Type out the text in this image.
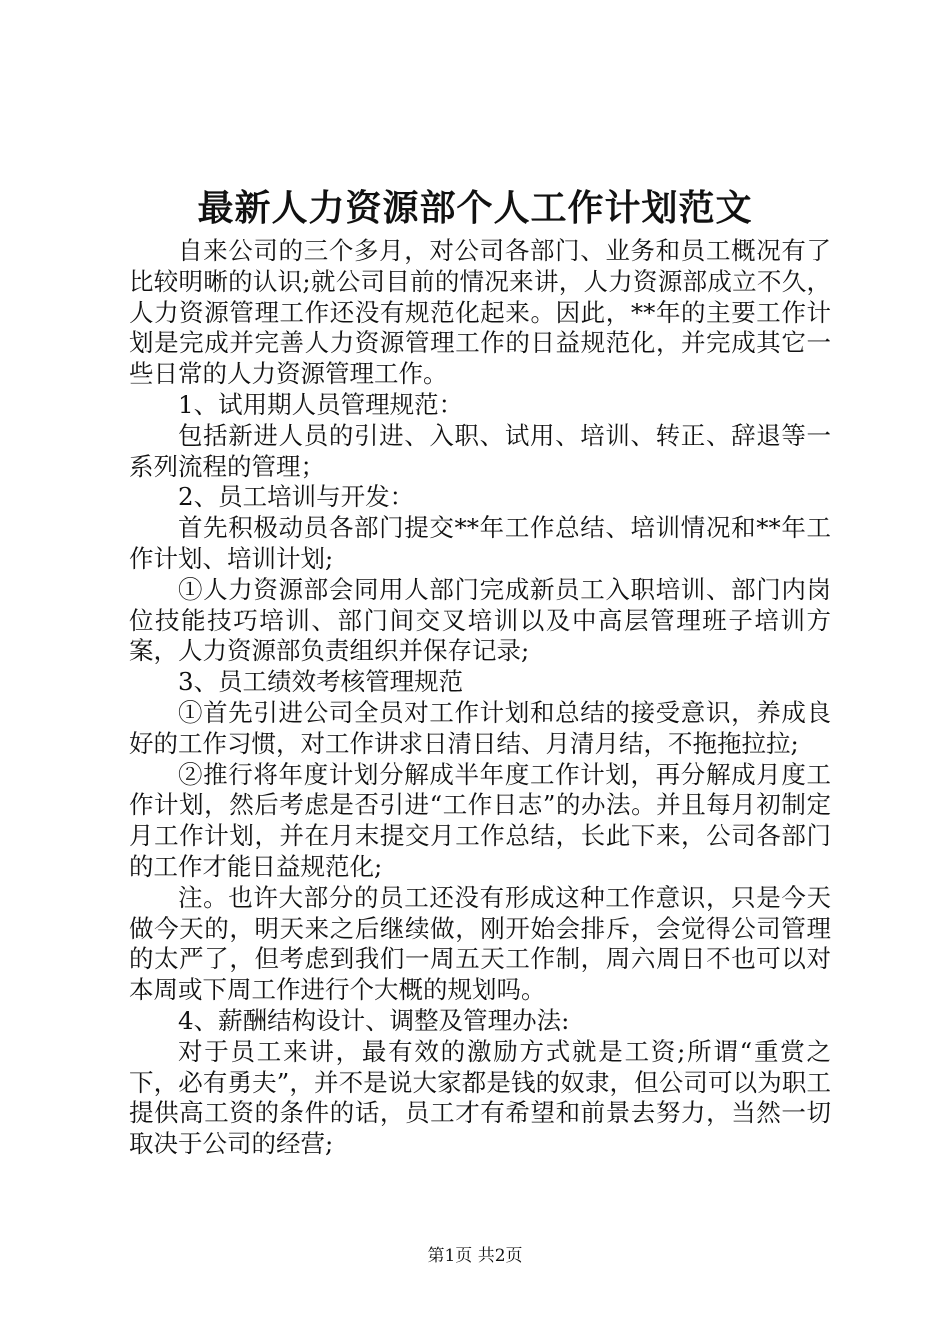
最新人力资源部个人工作计划范文

自来公司的三个多月，对公司各部门、业务和员工概况有了比较明晰的认识;就公司目前的情况来讲，人力资源部成立不久，人力资源管理工作还没有规范化起来。因此，**年的主要工作计划是完成并完善人力资源管理工作的日益规范化，并完成其它一些日常的人力资源管理工作。

1、试用期人员管理规范：

包括新进人员的引进、入职、试用、培训、转正、辞退等一系列流程的管理；

2、员工培训与开发：

首先积极动员各部门提交**年工作总结、培训情况和**年工作计划、培训计划;

①人力资源部会同用人部门完成新员工入职培训、部门内岗位技能技巧培训、部门间交叉培训以及中高层管理班子培训方案，人力资源部负责组织并保存记录;

3、员工绩效考核管理规范

①首先引进公司全员对工作计划和总结的接受意识，养成良好的工作习惯，对工作讲求日清日结、月清月结，不拖拖拉拉;

②推行将年度计划分解成半年度工作计划，再分解成月度工作计划，然后考虑是否引进“工作日志”的办法。并且每月初制定月工作计划，并在月末提交月工作总结，长此下来，公司各部门的工作才能日益规范化;

注。也许大部分的员工还没有形成这种工作意识，只是今天做今天的，明天来之后继续做，刚开始会排斥，会觉得公司管理的太严了，但考虑到我们一周五天工作制，周六周日不也可以对本周或下周工作进行个大概的规划吗。

4、薪酬结构设计、调整及管理办法:

对于员工来讲，最有效的激励方式就是工资;所谓“重赏之下，必有勇夫”，并不是说大家都是钱的奴隶，但公司可以为职工提供高工资的条件的话，员工才有希望和前景去努力，当然一切取决于公司的经营;

第1页 共2页
